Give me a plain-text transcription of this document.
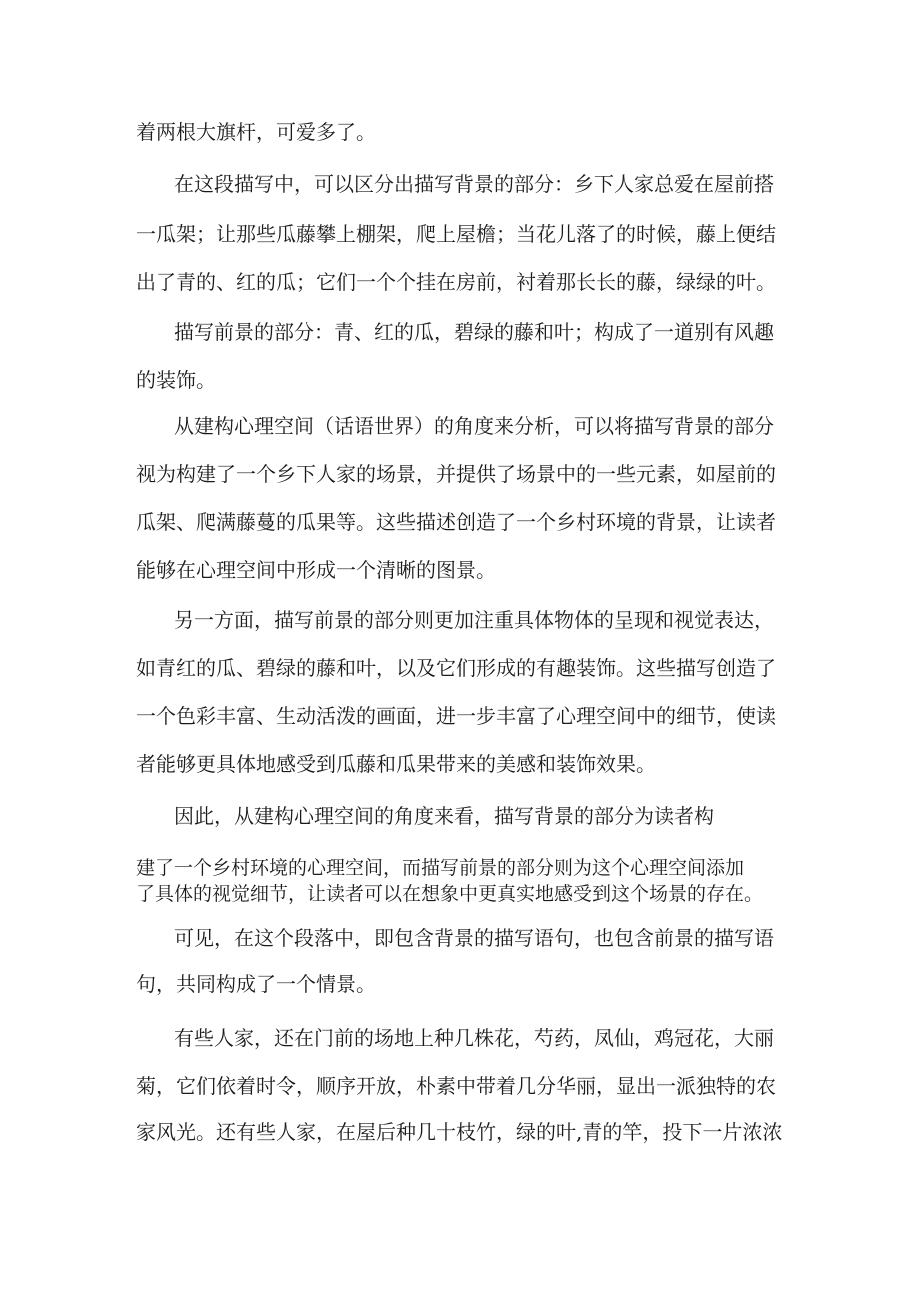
着两根大旗杆，可爱多了。
在这段描写中，可以区分出描写背景的部分：乡下人家总爱在屋前搭
一瓜架；让那些瓜藤攀上棚架，爬上屋檐；当花儿落了的时候，藤上便结
出了青的、红的瓜；它们一个个挂在房前，衬着那长长的藤，绿绿的叶。
描写前景的部分：青、红的瓜，碧绿的藤和叶；构成了一道别有风趣
的装饰。
从建构心理空间（话语世界）的角度来分析，可以将描写背景的部分
视为构建了一个乡下人家的场景，并提供了场景中的一些元素，如屋前的
瓜架、爬满藤蔓的瓜果等。这些描述创造了一个乡村环境的背景，让读者
能够在心理空间中形成一个清晰的图景。
另一方面，描写前景的部分则更加注重具体物体的呈现和视觉表达，
如青红的瓜、碧绿的藤和叶，以及它们形成的有趣装饰。这些描写创造了
一个色彩丰富、生动活泼的画面，进一步丰富了心理空间中的细节，使读
者能够更具体地感受到瓜藤和瓜果带来的美感和装饰效果。
因此，从建构心理空间的角度来看，描写背景的部分为读者构
建了一个乡村环境的心理空间，而描写前景的部分则为这个心理空间添加
了具体的视觉细节，让读者可以在想象中更真实地感受到这个场景的存在。
可见，在这个段落中，即包含背景的描写语句，也包含前景的描写语
句，共同构成了一个情景。
有些人家，还在门前的场地上种几株花，芍药，凤仙，鸡冠花，大丽
菊，它们依着时令，顺序开放，朴素中带着几分华丽，显出一派独特的农
家风光。还有些人家，在屋后种几十枝竹，绿的叶,青的竿，投下一片浓浓
